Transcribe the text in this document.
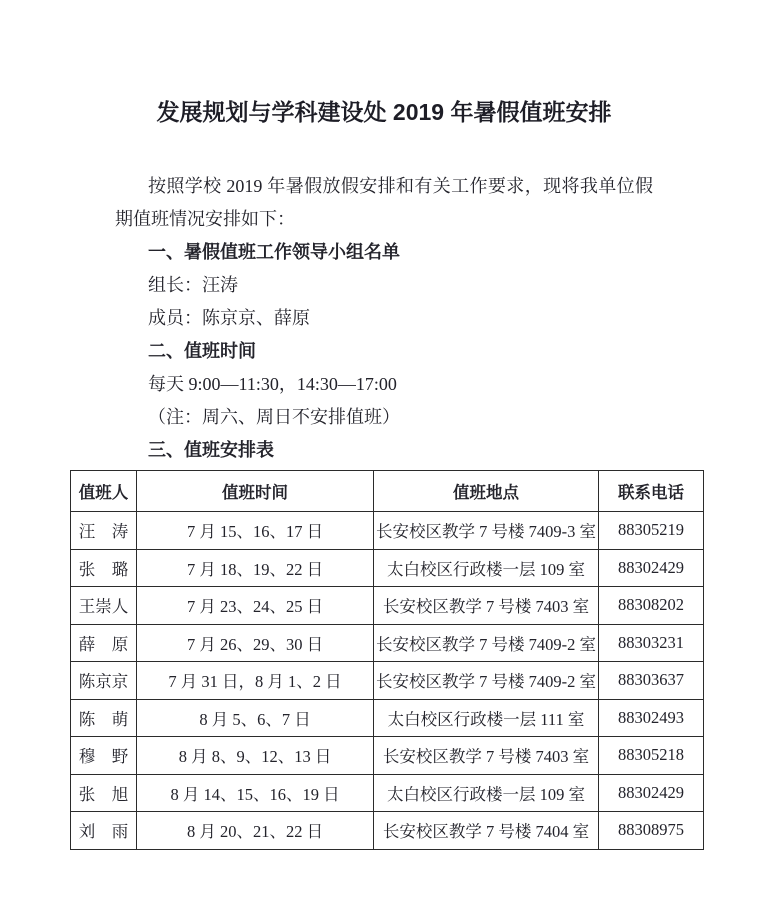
发展规划与学科建设处 2019 年暑假值班安排
按照学校 2019 年暑假放假安排和有关工作要求，现将我单位假
期值班情况安排如下：
一、暑假值班工作领导小组名单
组长：汪涛
成员：陈京京、薛原
二、值班时间
每天 9:00—11:30，14:30—17:00
（注：周六、周日不安排值班）
三、值班安排表
值班人	值班时间	值班地点	联系电话
汪　涛	7 月 15、16、17 日	长安校区教学 7 号楼 7409-3 室	88305219
张　璐	7 月 18、19、22 日	太白校区行政楼一层 109 室	88302429
王崇人	7 月 23、24、25 日	长安校区教学 7 号楼 7403 室	88308202
薛　原	7 月 26、29、30 日	长安校区教学 7 号楼 7409-2 室	88303231
陈京京	7 月 31 日，8 月 1、2 日	长安校区教学 7 号楼 7409-2 室	88303637
陈　萌	8 月 5、6、7 日	太白校区行政楼一层 111 室	88302493
穆　野	8 月 8、9、12、13 日	长安校区教学 7 号楼 7403 室	88305218
张　旭	8 月 14、15、16、19 日	太白校区行政楼一层 109 室	88302429
刘　雨	8 月 20、21、22 日	长安校区教学 7 号楼 7404 室	88308975
